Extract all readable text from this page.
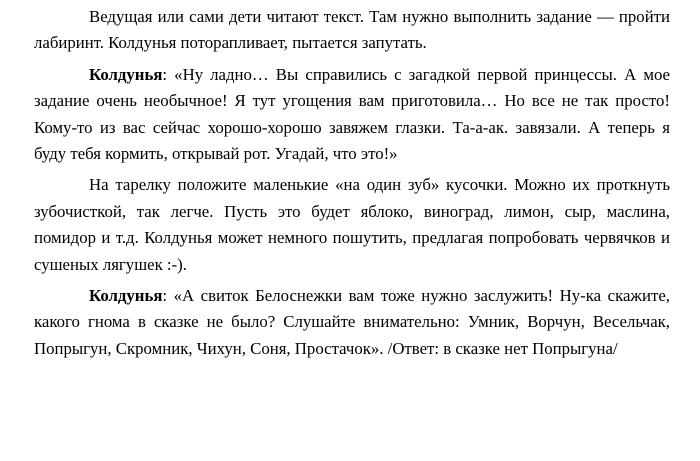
Ведущая или сами дети читают текст. Там нужно выполнить задание — пройти лабиринт. Колдунья поторапливает, пытается запутать.

Колдунья: «Ну ладно… Вы справились с загадкой первой принцессы. А мое задание очень необычное! Я тут угощения вам приготовила… Но все не так просто! Кому-то из вас сейчас хорошо-хорошо завяжем глазки. Та-а-ак. завязали. А теперь я буду тебя кормить, открывай рот. Угадай, что это!»

На тарелку положите маленькие «на один зуб» кусочки. Можно их проткнуть зубочисткой, так легче. Пусть это будет яблоко, виноград, лимон, сыр, маслина, помидор и т.д. Колдунья может немного пошутить, предлагая попробовать червячков и сушеных лягушек :-).

Колдунья: «А свиток Белоснежки вам тоже нужно заслужить! Ну-ка скажите, какого гнома в сказке не было? Слушайте внимательно: Умник, Ворчун, Весельчак, Попрыгун, Скромник, Чихун, Соня, Простачок». /Ответ: в сказке нет Попрыгуна/
